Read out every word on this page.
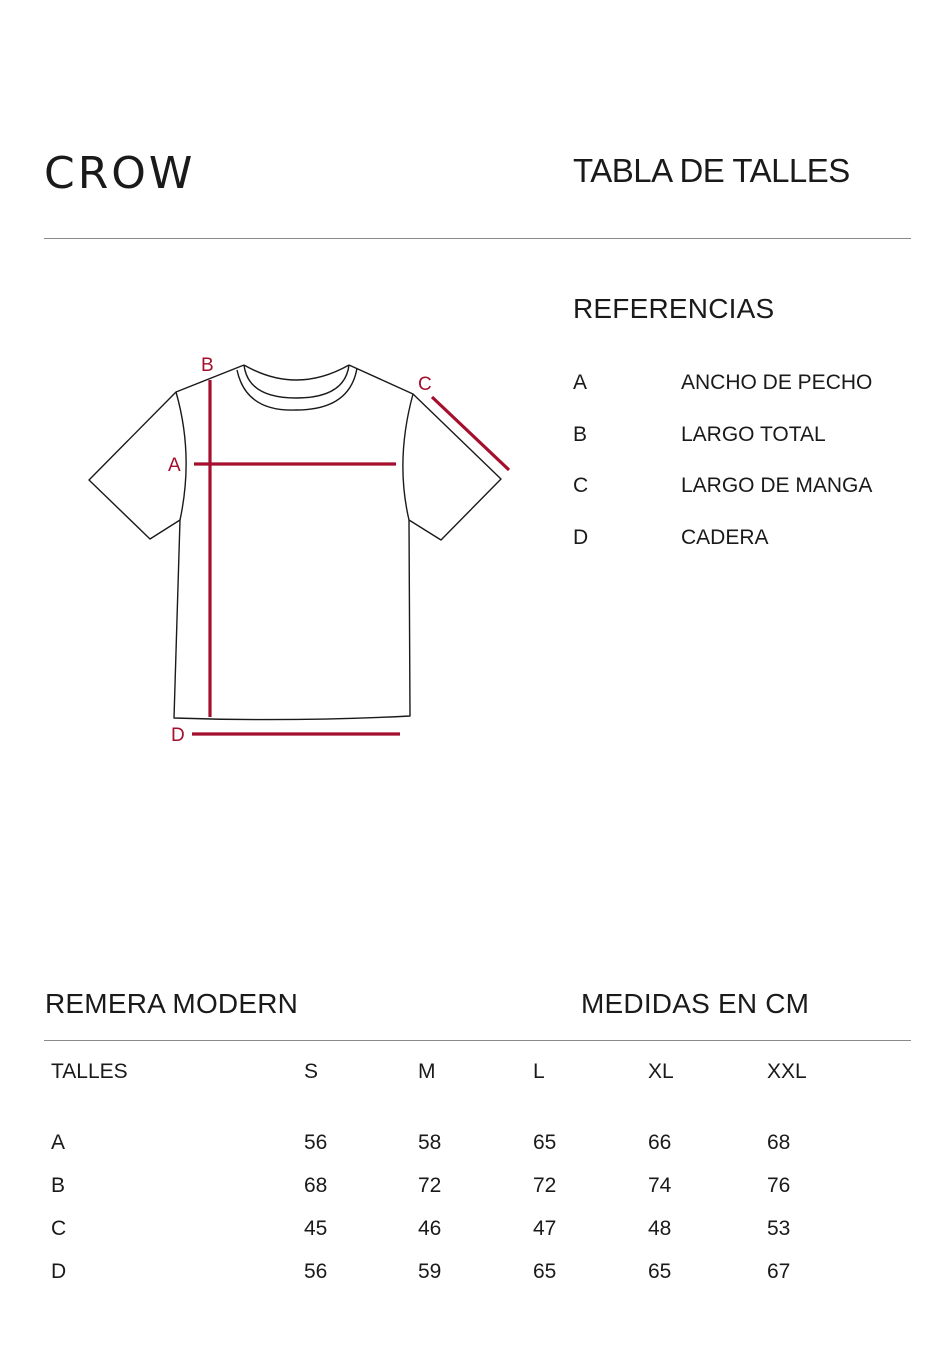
CROW	TABLA DE TALLES
A
B
C
D
REFERENCIAS
A	ANCHO DE PECHO
B	LARGO TOTAL
C	LARGO DE MANGA
D	CADERA
REMERA MODERN	MEDIDAS EN CM
TALLES	S	M	L	XL	XXL
A	56	58	65	66	68
B	68	72	72	74	76
C	45	46	47	48	53
D	56	59	65	65	67
